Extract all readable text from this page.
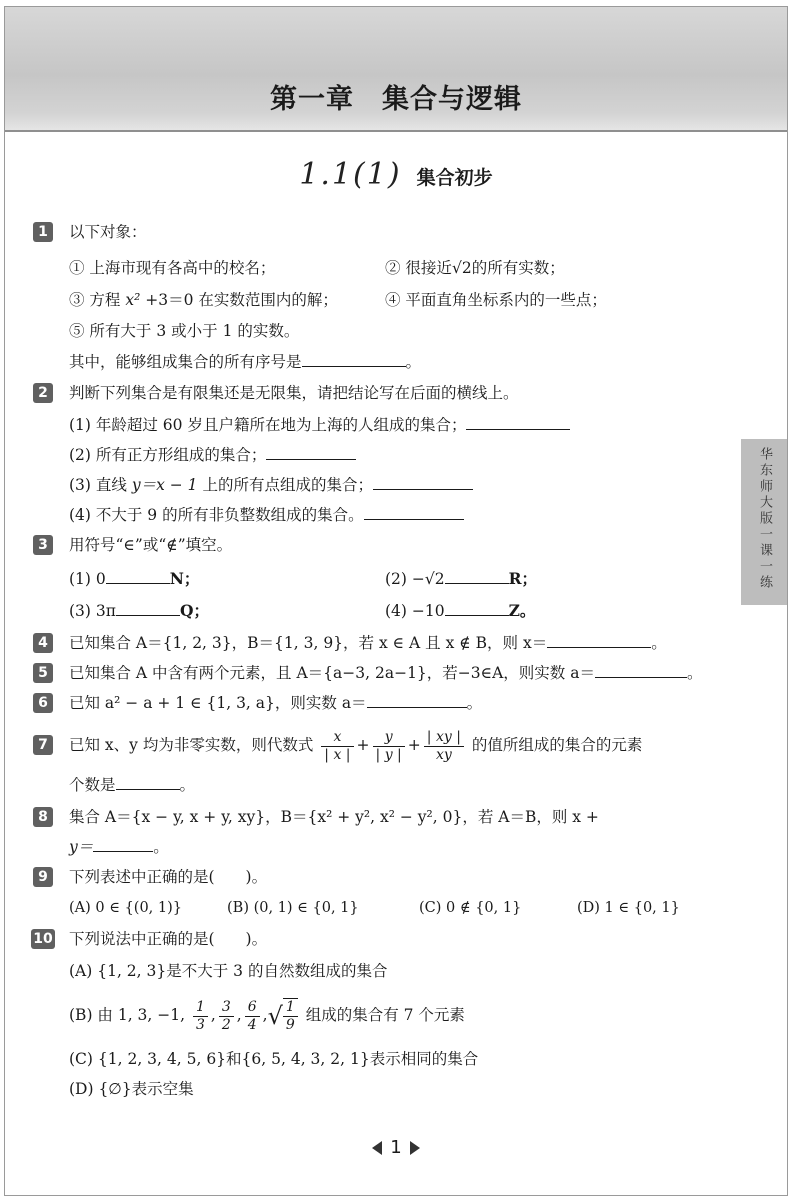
第一章　集合与逻辑
1.1(1) 集合初步
华东师大版一课一练
1	以下对象：
① 上海市现有各高中的校名；	② 很接近√2的所有实数；
③ 方程 x² +3＝0 在实数范围内的解；	④ 平面直角坐标系内的一些点；
⑤ 所有大于 3 或小于 1 的实数。
其中，能够组成集合的所有序号是	。
2	判断下列集合是有限集还是无限集，请把结论写在后面的横线上。
(1) 年龄超过 60 岁且户籍所在地为上海的人组成的集合；
(2) 所有正方形组成的集合；
(3) 直线 y＝x − 1 上的所有点组成的集合；
(4) 不大于 9 的所有非负整数组成的集合。
3	用符号“∈”或“∉”填空。
(1) 0	N；	(2) −√2	R；
(3) 3π	Q；	(4) −10	Z。
4	已知集合 A＝{1, 2, 3}，B＝{1, 3, 9}，若 x ∈ A 且 x ∉ B，则 x＝	。
5	已知集合 A 中含有两个元素，且 A＝{a−3, 2a−1}，若−3∈A，则实数 a＝	。
6	已知 a² − a + 1 ∈ {1, 3, a}，则实数 a＝	。
7	已知 x、y 均为非零实数，则代数式 $\frac{x}{| x |} + \frac{y}{| y |} + \frac{| xy |}{xy}$ 的值所组成的集合的元素
个数是	。
8	集合 A＝{x − y, x + y, xy}，B＝{x² + y², x² − y², 0}，若 A＝B，则 x +
y＝	。
9	下列表述中正确的是(　　)。
(A) 0 ∈ {(0, 1)}	(B) (0, 1) ∈ {0, 1}	(C) 0 ∉ {0, 1}	(D) 1 ∈ {0, 1}
10 下列说法中正确的是(　　)。
(A) {1, 2, 3}是不大于 3 的自然数组成的集合
(B) 由 1, 3, −1, $\frac{1}{3}$ , $\frac{3}{2}$ , $\frac{6}{4}$ ,√ $\frac{1}{9}$ 组成的集合有 7 个元素
(C) {1, 2, 3, 4, 5, 6}和{6, 5, 4, 3, 2, 1}表示相同的集合
(D) {∅}表示空集
1
